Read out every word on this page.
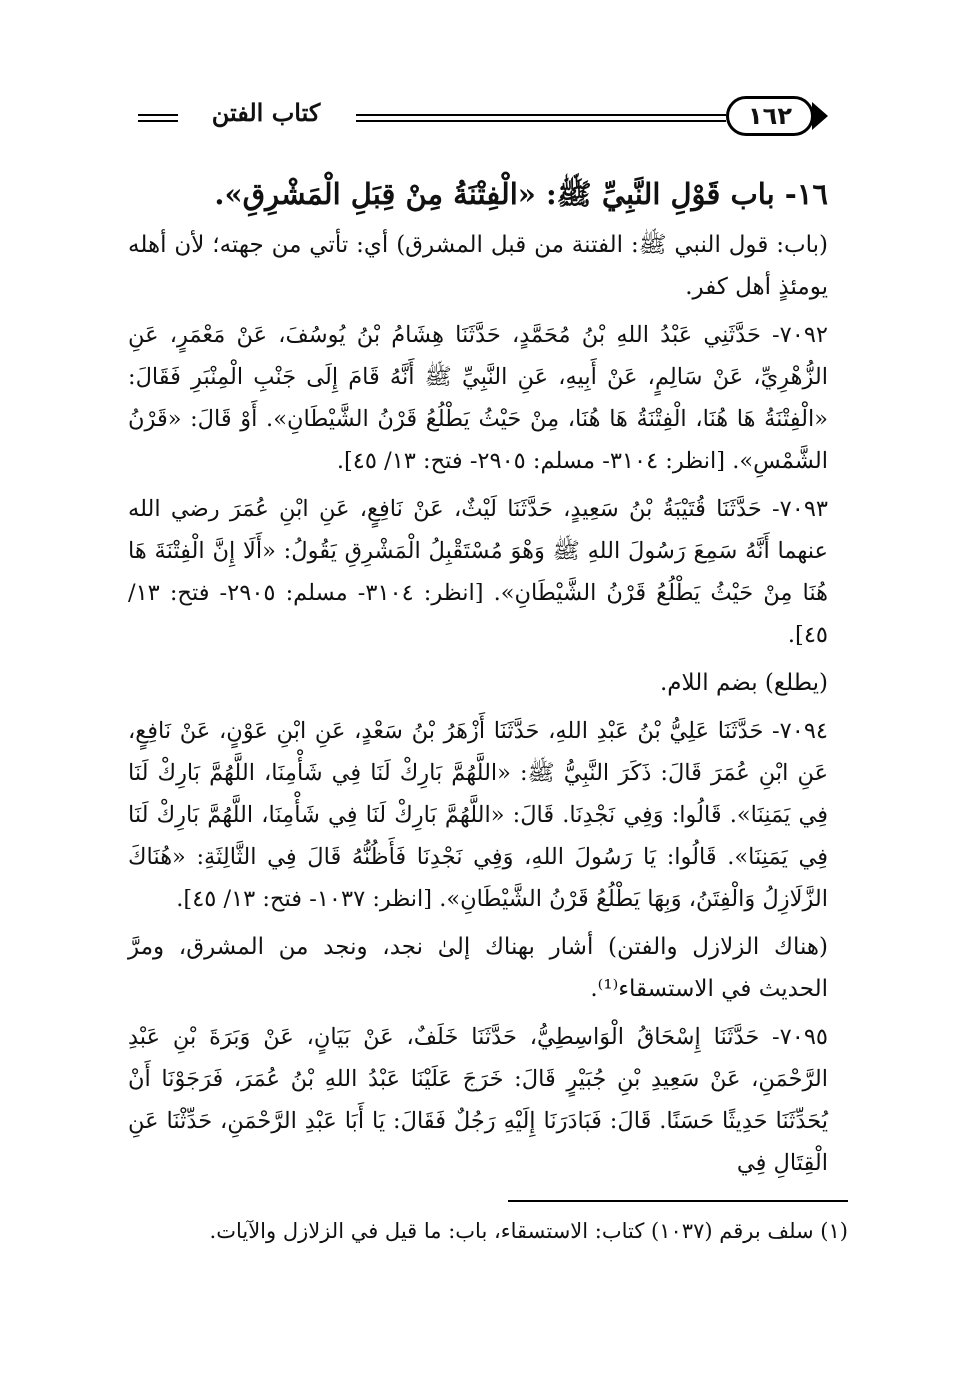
كتاب الفتن	١٦٢
١٦- باب قَوْلِ النَّبِيِّ ﷺ: «الْفِتْنَةُ مِنْ قِبَلِ الْمَشْرِقِ».

(باب: قول النبي ﷺ: الفتنة من قبل المشرق) أي: تأتي من جهته؛ لأن أهله يومئذٍ أهل كفر.

٧٠٩٢- حَدَّثَنِي عَبْدُ اللهِ بْنُ مُحَمَّدٍ، حَدَّثَنَا هِشَامُ بْنُ يُوسُفَ، عَنْ مَعْمَرٍ، عَنِ الزُّهْرِيِّ، عَنْ سَالِمٍ، عَنْ أَبِيهِ، عَنِ النَّبِيِّ ﷺ أَنَّهُ قَامَ إِلَى جَنْبِ الْمِنْبَرِ فَقَالَ: «الْفِتْنَةُ هَا هُنَا، الْفِتْنَةُ هَا هُنَا، مِنْ حَيْثُ يَطْلُعُ قَرْنُ الشَّيْطَانِ». أَوْ قَالَ: «قَرْنُ الشَّمْسِ». [انظر: ٣١٠٤- مسلم: ٢٩٠٥- فتح: ١٣/ ٤٥].

٧٠٩٣- حَدَّثَنَا قُتَيْبَةُ بْنُ سَعِيدٍ، حَدَّثَنَا لَيْثٌ، عَنْ نَافِعٍ، عَنِ ابْنِ عُمَرَ رضي الله عنهما أَنَّهُ سَمِعَ رَسُولَ اللهِ ﷺ وَهْوَ مُسْتَقْبِلُ الْمَشْرِقِ يَقُولُ: «أَلَا إِنَّ الْفِتْنَةَ هَا هُنَا مِنْ حَيْثُ يَطْلُعُ قَرْنُ الشَّيْطَانِ». [انظر: ٣١٠٤- مسلم: ٢٩٠٥- فتح: ١٣/ ٤٥].

(يطلع) بضم اللام.

٧٠٩٤- حَدَّثَنَا عَلِيُّ بْنُ عَبْدِ اللهِ، حَدَّثَنَا أَزْهَرُ بْنُ سَعْدٍ، عَنِ ابْنِ عَوْنٍ، عَنْ نَافِعٍ، عَنِ ابْنِ عُمَرَ قَالَ: ذَكَرَ النَّبِيُّ ﷺ: «اللَّهُمَّ بَارِكْ لَنَا فِي شَأْمِنَا، اللَّهُمَّ بَارِكْ لَنَا فِي يَمَنِنَا». قَالُوا: وَفِي نَجْدِنَا. قَالَ: «اللَّهُمَّ بَارِكْ لَنَا فِي شَأْمِنَا، اللَّهُمَّ بَارِكْ لَنَا فِي يَمَنِنَا». قَالُوا: يَا رَسُولَ اللهِ، وَفِي نَجْدِنَا فَأَظُنُّهُ قَالَ فِي الثَّالِثَةِ: «هُنَاكَ الزَّلَازِلُ وَالْفِتَنُ، وَبِهَا يَطْلُعُ قَرْنُ الشَّيْطَانِ». [انظر: ١٠٣٧- فتح: ١٣/ ٤٥].

(هناك الزلازل والفتن) أشار بهناك إلىٰ نجد، ونجد من المشرق، ومرَّ الحديث في الاستسقاء⁽¹⁾.

٧٠٩٥- حَدَّثَنَا إِسْحَاقُ الْوَاسِطِيُّ، حَدَّثَنَا خَلَفٌ، عَنْ بَيَانٍ، عَنْ وَبَرَةَ بْنِ عَبْدِ الرَّحْمَنِ، عَنْ سَعِيدِ بْنِ جُبَيْرٍ قَالَ: خَرَجَ عَلَيْنَا عَبْدُ اللهِ بْنُ عُمَرَ، فَرَجَوْنَا أَنْ يُحَدِّثَنَا حَدِيثًا حَسَنًا. قَالَ: فَبَادَرَنَا إِلَيْهِ رَجُلٌ فَقَالَ: يَا أَبَا عَبْدِ الرَّحْمَنِ، حَدِّثْنَا عَنِ الْقِتَالِ فِي

(١) سلف برقم (١٠٣٧) كتاب: الاستسقاء، باب: ما قيل في الزلازل والآيات.
